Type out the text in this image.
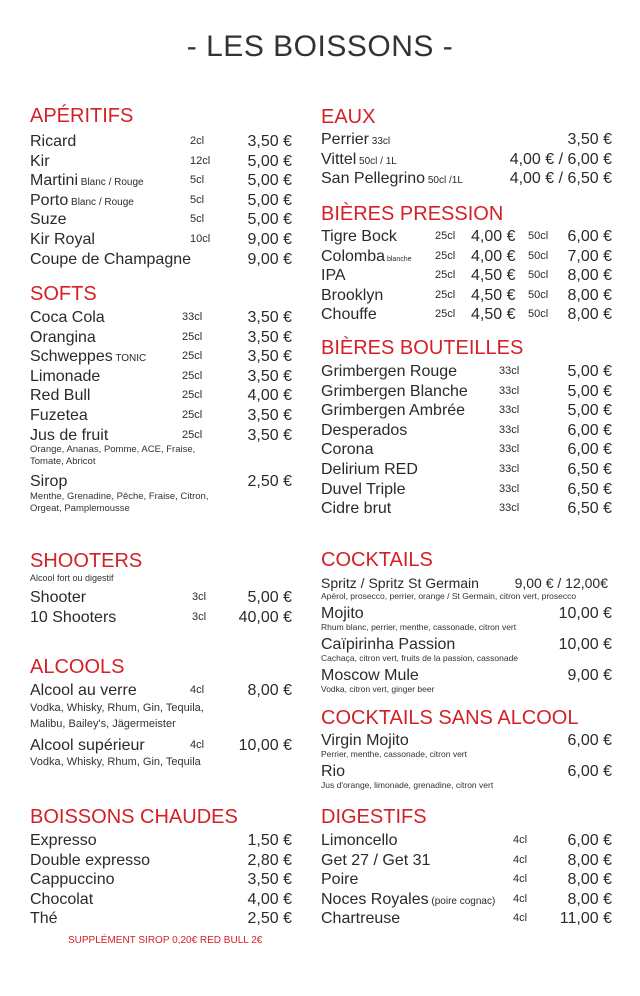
- LES BOISSONS -
APÉRITIFS
Ricard	2cl	3,50 €
Kir	12cl 5,00 €
Martini Blanc / Rouge	5cl	5,00 €
Porto Blanc / Rouge	5cl	5,00 €
Suze	5cl	5,00 €
Kir Royal	10cl 9,00 €
Coupe de Champagne	9,00 €
SOFTS
Coca Cola	33cl	3,50 €
Orangina	25cl	3,50 €
Schweppes TONIC	25cl	3,50 €
Limonade	25cl	3,50 €
Red Bull	25cl	4,00 €
Fuzetea	25cl	3,50 €
Jus de fruit	25cl	3,50 €
Orange, Ananas, Pomme, ACE, Fraise, Tomate, Abricot
Sirop	2,50 €
Menthe, Grenadine, Pêche, Fraise, Citron, Orgeat, Pamplemousse
SHOOTERS
Alcool fort ou digestif
Shooter	3cl	5,00 €
10 Shooters	3cl 40,00 €
ALCOOLS
Alcool au verre	4cl	8,00 €
Vodka, Whisky, Rhum, Gin, Tequila, Malibu, Bailey's, Jägermeister
Alcool supérieur	4cl 10,00 €
Vodka, Whisky, Rhum, Gin, Tequila
BOISSONS CHAUDES
Expresso	1,50 €
Double expresso	2,80 €
Cappuccino	3,50 €
Chocolat	4,00 €
Thé	2,50 €
SUPPLÉMENT SIROP 0,20€ RED BULL 2€
EAUX
Perrier 33cl	3,50 €
Vittel 50cl / 1L	4,00 € / 6,00 €
San Pellegrino 50cl /1L	4,00 € / 6,50 €
BIÈRES PRESSION
Tigre Bock	25cl 4,00 € 50cl 6,00 €
Colomba blanche 25cl 4,00 € 50cl 7,00 €
IPA	25cl 4,50 € 50cl 8,00 €
Brooklyn	25cl 4,50 € 50cl 8,00 €
Chouffe	25cl 4,50 € 50cl 8,00 €
BIÈRES BOUTEILLES
Grimbergen Rouge	33cl	5,00 €
Grimbergen Blanche	33cl	5,00 €
Grimbergen Ambrée	33cl	5,00 €
Desperados	33cl	6,00 €
Corona	33cl	6,00 €
Delirium RED	33cl	6,50 €
Duvel Triple	33cl	6,50 €
Cidre brut	33cl	6,50 €
COCKTAILS
Spritz / Spritz St Germain	9,00 € / 12,00€
Apérol, prosecco, perrier, orange / St Germain, citron vert, prosecco
Mojito	10,00 €
Rhum blanc, perrier, menthe, cassonade, citron vert
Caïpirinha Passion	10,00 €
Cachaça, citron vert, fruits de la passion, cassonade
Moscow Mule	9,00 €
Vodka, citron vert, ginger beer
COCKTAILS SANS ALCOOL
Virgin Mojito	6,00 €
Perrier, menthe, cassonade, citron vert
Rio	6,00 €
Jus d'orange, limonade, grenadine, citron vert
DIGESTIFS
Limoncello	4cl	6,00 €
Get 27 / Get 31	4cl	8,00 €
Poire	4cl	8,00 €
Noces Royales (poire cognac) 4cl	8,00 €
Chartreuse	4cl 11,00 €
